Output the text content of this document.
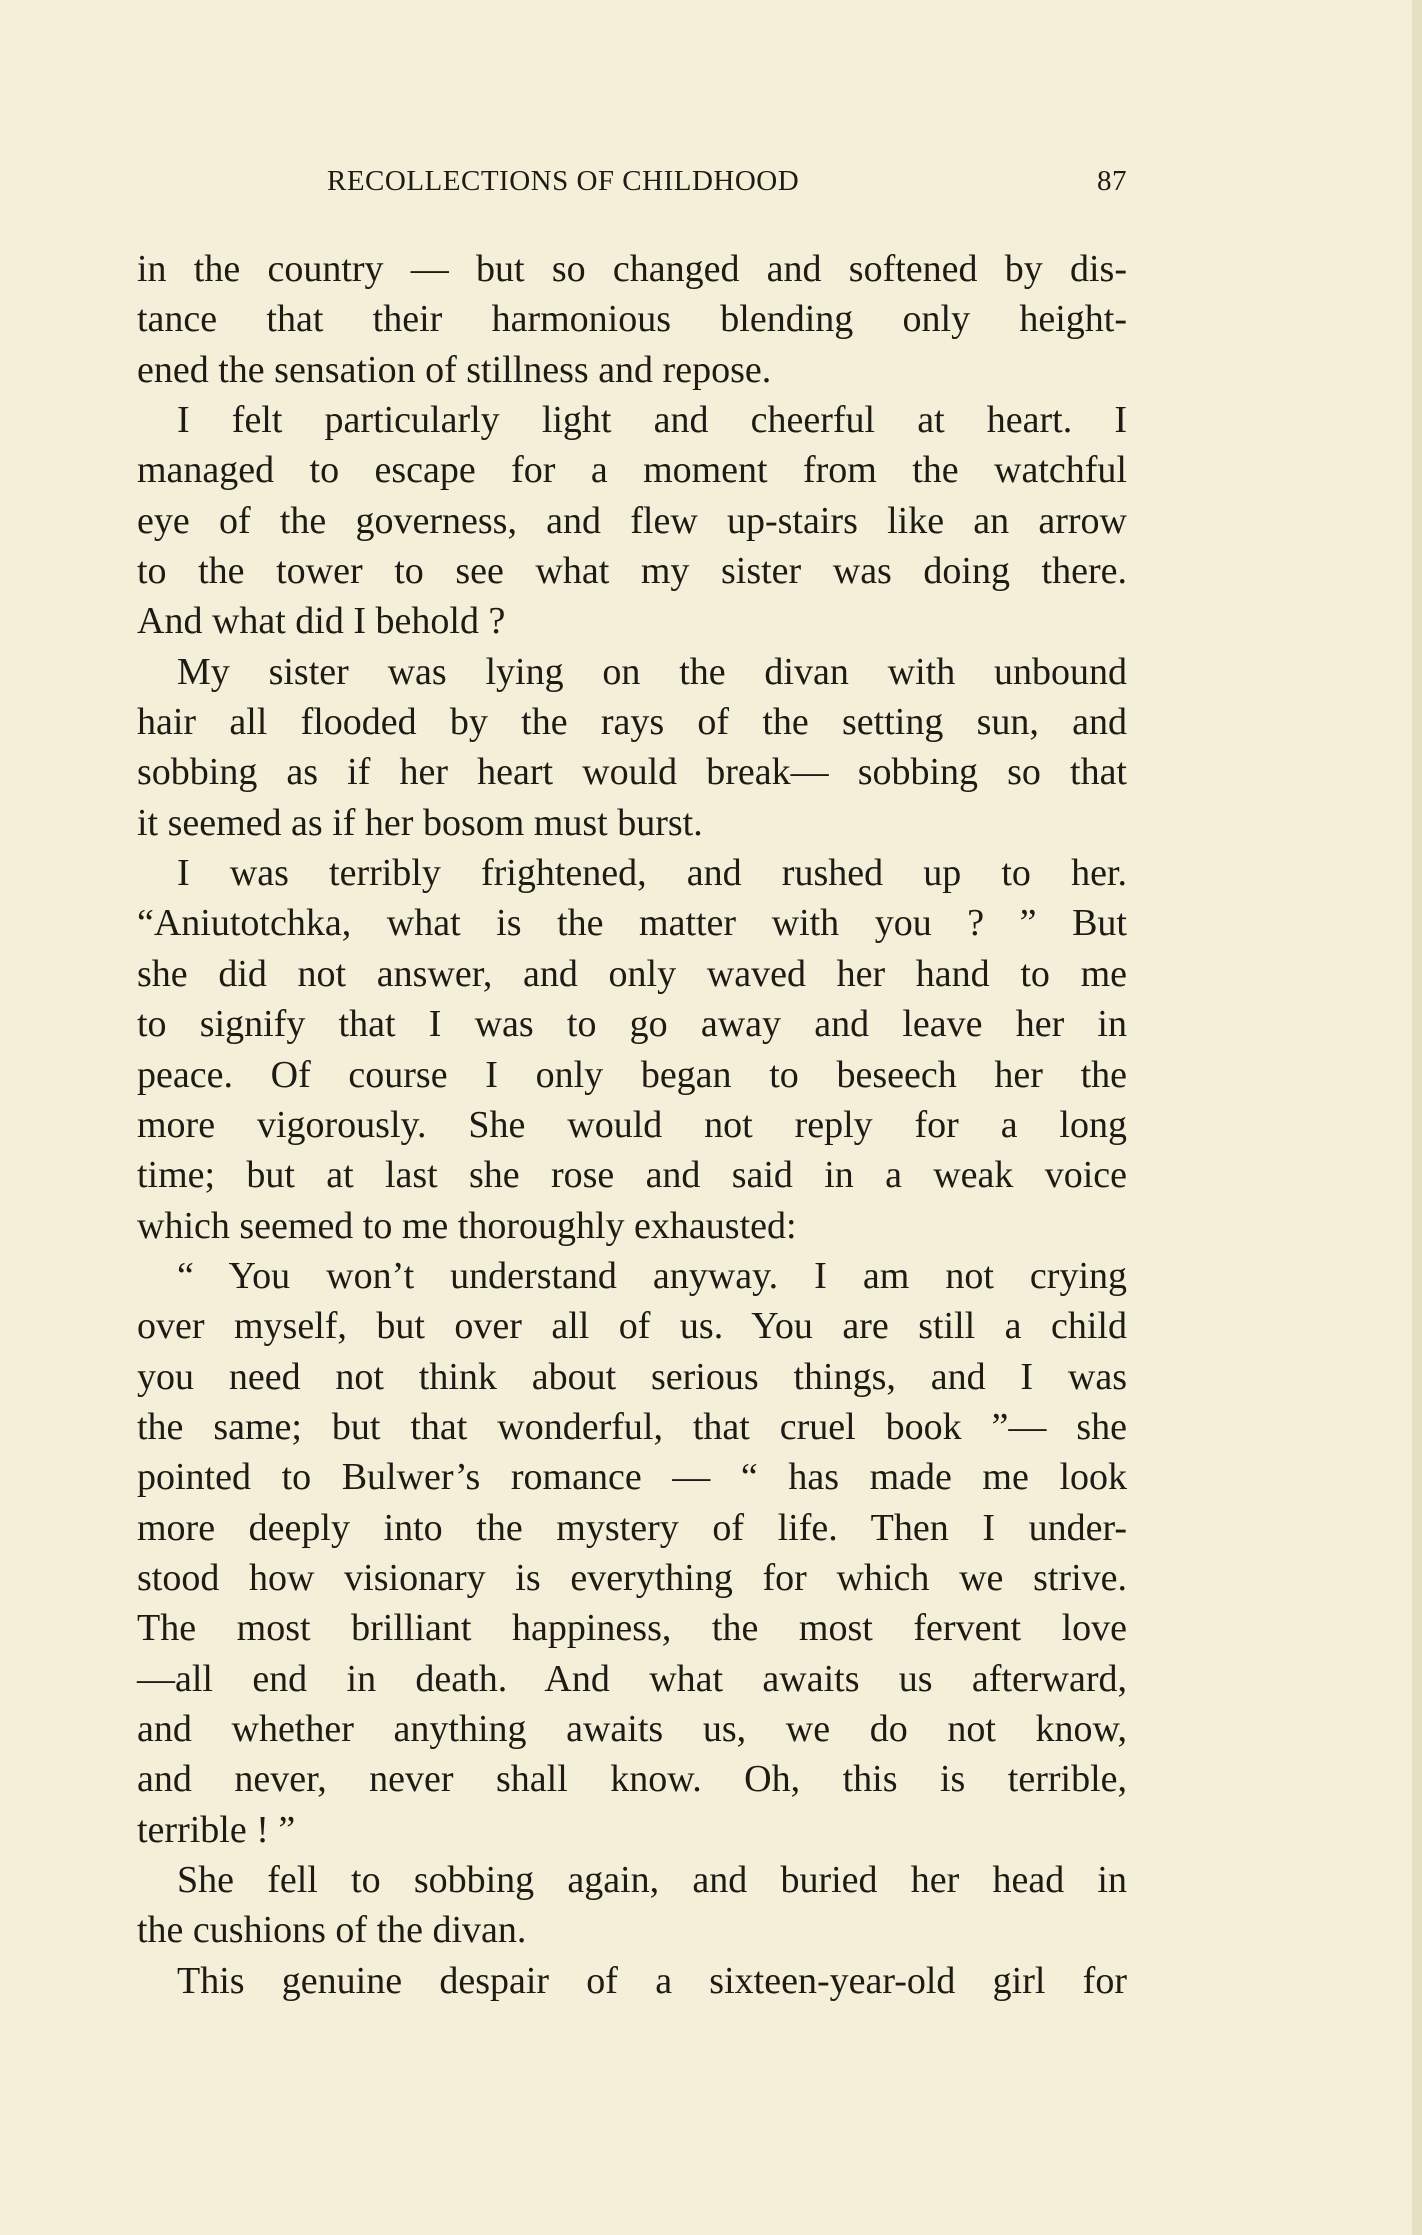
RECOLLECTIONS OF CHILDHOOD	87
in the country — but so changed and softened by dis-
tance that their harmonious blending only height-
ened the sensation of stillness and repose.
I felt particularly light and cheerful at heart. I
managed to escape for a moment from the watchful
eye of the governess, and flew up-stairs like an arrow
to the tower to see what my sister was doing there.
And what did I behold ?
My sister was lying on the divan with unbound
hair all flooded by the rays of the setting sun, and
sobbing as if her heart would break— sobbing so that
it seemed as if her bosom must burst.
I was terribly frightened, and rushed up to her.
“Aniutotchka, what is the matter with you ? ” But
she did not answer, and only waved her hand to me
to signify that I was to go away and leave her in
peace. Of course I only began to beseech her the
more vigorously. She would not reply for a long
time; but at last she rose and said in a weak voice
which seemed to me thoroughly exhausted:
“ You won’t understand anyway. I am not crying
over myself, but over all of us. You are still a child
you need not think about serious things, and I was
the same; but that wonderful, that cruel book ”— she
pointed to Bulwer’s romance — “ has made me look
more deeply into the mystery of life. Then I under-
stood how visionary is everything for which we strive.
The most brilliant happiness, the most fervent love
—all end in death. And what awaits us afterward,
and whether anything awaits us, we do not know,
and never, never shall know. Oh, this is terrible,
terrible ! ”
She fell to sobbing again, and buried her head in
the cushions of the divan.
This genuine despair of a sixteen-year-old girl for
